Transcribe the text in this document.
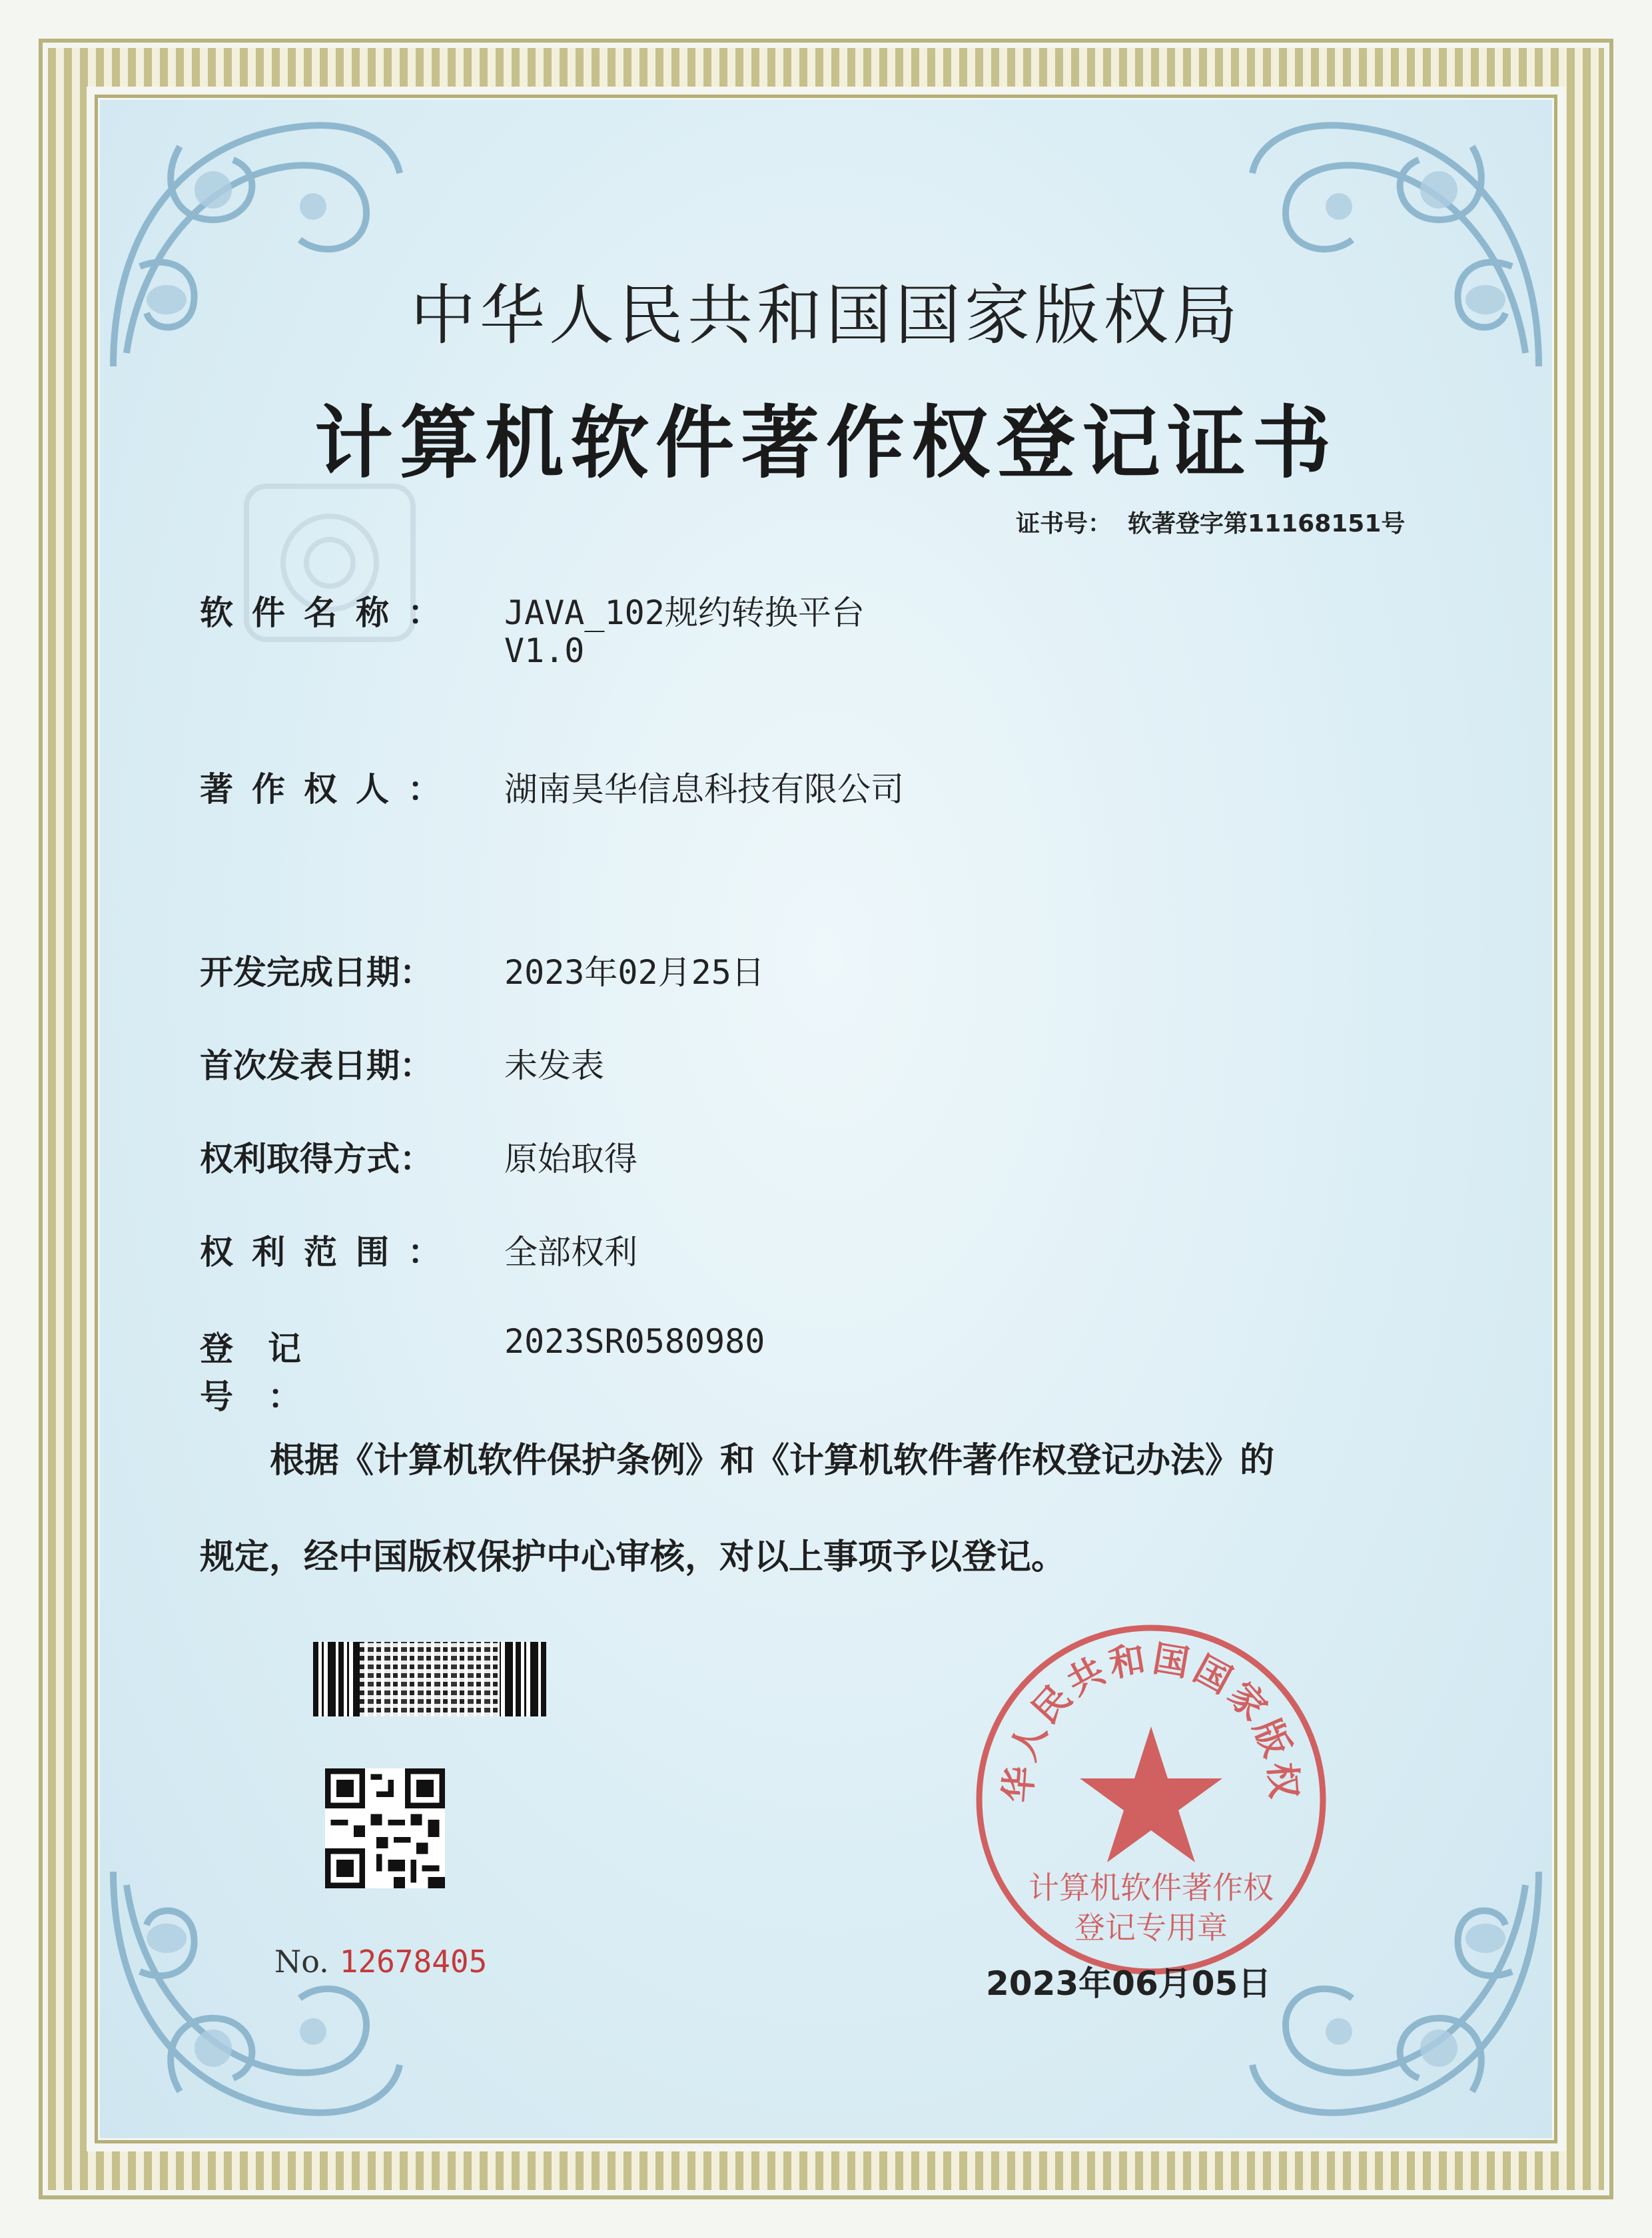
中华人民共和国国家版权局
计算机软件著作权登记证书
证书号： 软著登字第11168151号
软件名称： JAVA_102规约转换平台
V1.0
著作权人： 湖南昊华信息科技有限公司
开发完成日期：	2023年02月25日
首次发表日期：	未发表
权利取得方式：	原始取得
权利范围： 全部权利
登记号：
2023SR0580980
根据《计算机软件保护条例》和《计算机软件著作权登记办法》的
规定，经中国版权保护中心审核，对以上事项予以登记。
No. 12678405
华人民共和国国家版权
计算机软件著作权
登记专用章
2023年06月05日
